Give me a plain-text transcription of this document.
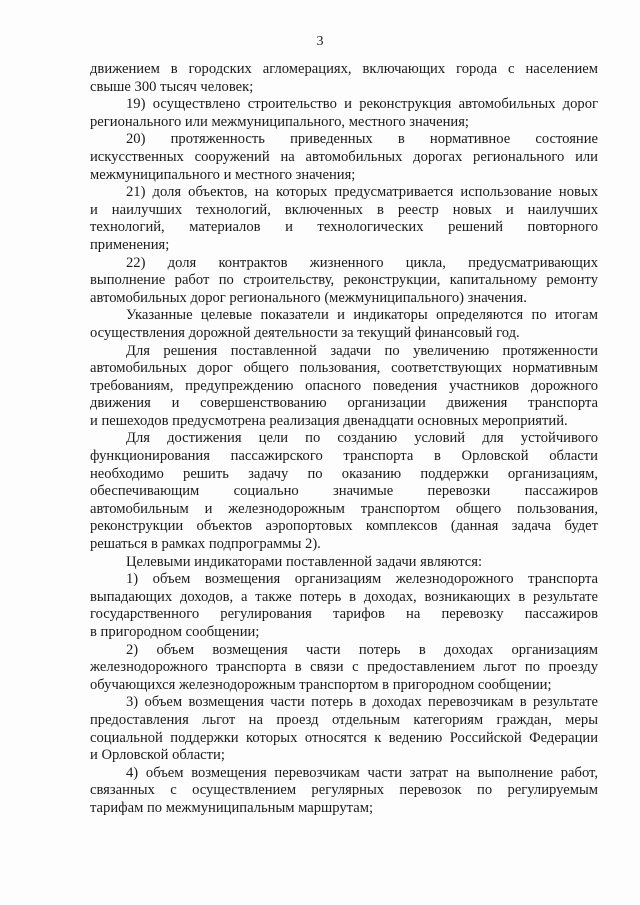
3
движением в городских агломерациях, включающих города с населением
свыше 300 тысяч человек;
19) осуществлено строительство и реконструкция автомобильных дорог
регионального или межмуниципального, местного значения;
20) протяженность приведенных в нормативное состояние
искусственных сооружений на автомобильных дорогах регионального или
межмуниципального и местного значения;
21) доля объектов, на которых предусматривается использование новых
и наилучших технологий, включенных в реестр новых и наилучших
технологий, материалов и технологических решений повторного
применения;
22) доля контрактов жизненного цикла, предусматривающих
выполнение работ по строительству, реконструкции, капитальному ремонту
автомобильных дорог регионального (межмуниципального) значения.
Указанные целевые показатели и индикаторы определяются по итогам
осуществления дорожной деятельности за текущий финансовый год.
Для решения поставленной задачи по увеличению протяженности
автомобильных дорог общего пользования, соответствующих нормативным
требованиям, предупреждению опасного поведения участников дорожного
движения и совершенствованию организации движения транспорта
и пешеходов предусмотрена реализация двенадцати основных мероприятий.
Для достижения цели по созданию условий для устойчивого
функционирования пассажирского транспорта в Орловской области
необходимо решить задачу по оказанию поддержки организациям,
обеспечивающим социально значимые перевозки пассажиров
автомобильным и железнодорожным транспортом общего пользования,
реконструкции объектов аэропортовых комплексов (данная задача будет
решаться в рамках подпрограммы 2).
Целевыми индикаторами поставленной задачи являются:
1) объем возмещения организациям железнодорожного транспорта
выпадающих доходов, а также потерь в доходах, возникающих в результате
государственного регулирования тарифов на перевозку пассажиров
в пригородном сообщении;
2) объем возмещения части потерь в доходах организациям
железнодорожного транспорта в связи с предоставлением льгот по проезду
обучающихся железнодорожным транспортом в пригородном сообщении;
3) объем возмещения части потерь в доходах перевозчикам в результате
предоставления льгот на проезд отдельным категориям граждан, меры
социальной поддержки которых относятся к ведению Российской Федерации
и Орловской области;
4) объем возмещения перевозчикам части затрат на выполнение работ,
связанных с осуществлением регулярных перевозок по регулируемым
тарифам по межмуниципальным маршрутам;
